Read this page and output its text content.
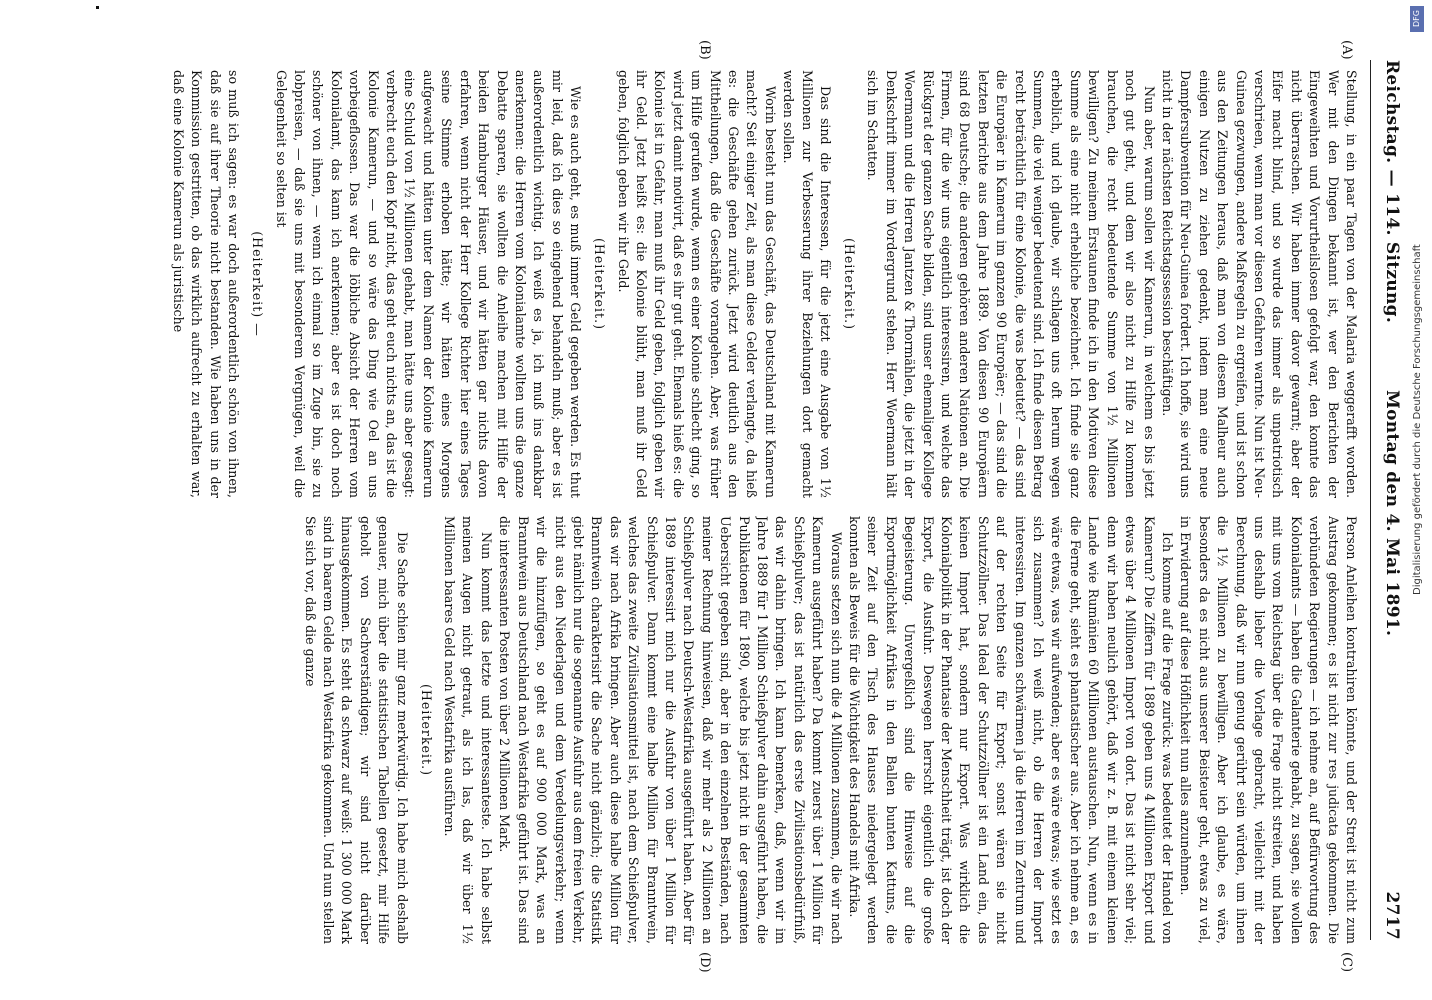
Reichstag. — 114. Sitzung.
Montag den 4. Mai 1891.
2717
(A)
(B)
(C)
(D)

Stellung, in ein paar Tagen von der Malaria weggerafft worden. Wer mit den Dingen bekannt ist, wer den Berichten der Eingeweihten und Vorurtheilslosen gefolgt war, den konnte das nicht überraschen. Wir haben immer davor gewarnt; aber der Eifer macht blind, und so wurde das immer als unpatriotisch verschrieen, wenn man vor diesen Gefahren warnte. Nun ist Neu-Guinea gezwungen, andere Maßregeln zu ergreifen, und ist schon aus den Zeitungen heraus, daß man von diesem Malheur auch einigen Nutzen zu ziehen gedenkt, indem man eine neue Dampfersubvention für Neu-Guinea fordert. Ich hoffe, sie wird uns nicht in der nächsten Reichstagssession beschäftigen.

Nun aber, warum sollen wir Kamerun, in welchem es bis jetzt noch gut geht, und dem wir also nicht zu Hilfe zu kommen brauchen, die recht bedeutende Summe von 1½ Millionen bewilligen? Zu meinem Erstaunen finde ich in den Motiven diese Summe als eine nicht erhebliche bezeichnet. Ich finde sie ganz erheblich, und ich glaube, wir schlagen uns oft herum wegen Summen, die viel weniger bedeutend sind. Ich finde diesen Betrag recht beträchtlich für eine Kolonie, die was bedeutet? — das sind die Europäer in Kamerun im ganzen 90 Europäer; — das sind die letzten Berichte aus dem Jahre 1889. Von diesen 90 Europäern sind 68 Deutsche; die anderen gehören anderen Nationen an. Die Firmen, für die wir uns eigentlich interessiren, und welche das Rückgrat der ganzen Sache bilden, sind unser ehemaliger Kollege Woermann und die Herren Jantzen & Thormählen, die jetzt in der Denkschrift immer im Vordergrund stehen. Herr Woermann hält sich im Schatten.

(Heiterkeit.)

Das sind die Interessen, für die jetzt eine Ausgabe von 1½ Millionen zur Verbesserung ihrer Beziehungen dort gemacht werden sollen.

Worin besteht nun das Geschäft, das Deutschland mit Kamerun macht? Seit einiger Zeit, als man diese Gelder verlangte, da hieß es: die Geschäfte gehen zurück. Jetzt wird deutlich aus den Mittheilungen, daß die Geschäfte vorangehen. Aber, was früher um Hilfe gerufen wurde, wenn es einer Kolonie schlecht ging, so wird jetzt damit motivirt, daß es ihr gut geht. Ehemals hieß es: die Kolonie ist in Gefahr, man muß ihr Geld geben, folglich geben wir ihr Geld. Jetzt heißt es: die Kolonie blüht, man muß ihr Geld geben, folglich geben wir ihr Geld.

(Heiterkeit.)

Wie es auch geht, es muß immer Geld gegeben werden. Es thut mir leid, daß ich dies so eingehend behandeln muß; aber es ist außerordentlich wichtig. Ich weiß es ja, ich muß ins dankbar anerkennen: die Herren vom Kolonialamte wollten uns die ganze Debatte sparen, sie wollten die Anleihe machen mit Hilfe der beiden Hamburger Häuser, und wir hätten gar nichts davon erfahren, wenn nicht der Herr Kollege Richter hier eines Tages seine Stimme erhoben hätte; wir hätten eines Morgens aufgewacht und hätten unter dem Namen der Kolonie Kamerun eine Schuld von 1½ Millionen gehabt, man hätte uns aber gesagt: verbrecht euch den Kopf nicht, das geht euch nichts an, das ist die Kolonie Kamerun, — und so wäre das Ding wie Oel an uns vorbeigeflossen. Das war die löbliche Absicht der Herren vom Kolonialamt, das kann ich anerkennen; aber es ist doch noch schöner von ihnen, — wenn ich einmal so im Zuge bin, sie zu lobpreisen, — daß sie uns mit besonderem Vergnügen, weil die Gelegenheit so selten ist

(Heiterkeit) —

so muß ich sagen: es war doch außerordentlich schön von ihnen, daß sie auf ihrer Theorie nicht bestanden. Wie haben uns in der Kommission gestritten, ob das wirklich aufrecht zu erhalten war, daß eine Kolonie Kamerun als juristische

Person Anleihen kontrahiren könnte, und der Streit ist nicht zum Austrag gekommen; es ist nicht zur res judicata gekommen. Die verbündeten Regierungen — ich nehme an, auf Befürwortung des Kolonialamts — haben die Galanterie gehabt, zu sagen, sie wollen mit uns vom Reichstag über die Frage nicht streiten, und haben uns deshalb lieber die Vorlage gebracht, vielleicht mit der Berechnung, daß wir nun genug gerührt sein würden, um ihnen die 1½ Millionen zu bewilligen. Aber ich glaube, es wäre, besonders da es nicht aus unserer Beisteuer geht, etwas zu viel, in Erwiderung auf diese Höflichkeit nun alles anzunehmen.

Ich komme auf die Frage zurück: was bedeutet der Handel von Kamerun? Die Ziffern für 1889 geben uns 4 Millionen Export und etwas über 4 Millionen Import von dort. Das ist nicht sehr viel; denn wir haben neulich gehört, daß wir z. B. mit einem kleinen Lande wie Rumänien 60 Millionen austauschen. Nun, wenn es in die Ferne geht, sieht es phantastischer aus. Aber ich nehme an, es wäre etwas, was wir aufwenden; aber es wäre etwas; wie setzt es sich zusammen? Ich weiß nicht, ob die Herren der Import interessiren. Im ganzen schwärmen ja die Herren im Zentrum und auf der rechten Seite für Export; sonst wären sie nicht Schutzzöllner. Das Ideal der Schutzzöllner ist ein Land ein, das keinen Import hat, sondern nur Export. Was wirklich die Kolonialpolitik in der Phantasie der Menschheit trägt, ist doch der Export, die Ausfuhr. Deswegen herrscht eigentlich die große Begeisterung. Unvergeßlich sind die Hinweise auf die Exportmöglichkeit Afrikas in den Ballen bunten Kattuns, die seiner Zeit auf den Tisch des Hauses niedergelegt werden konnten als Beweis für die Wichtigkeit des Handels mit Afrika.

Woraus setzen sich nun die 4 Millionen zusammen, die wir nach Kamerun ausgeführt haben? Da kommt zuerst über 1 Million für Schießpulver; das ist natürlich das erste Zivilisationsbedürfniß, das wir dahin bringen. Ich kann bemerken, daß, wenn wir im Jahre 1889 für 1 Million Schießpulver dahin ausgeführt haben, die Publikationen für 1890, welche bis jetzt nicht in der gesammten Uebersicht gegeben sind, aber in den einzelnen Beständen, nach meiner Rechnung hinweisen, daß wir mehr als 2 Millionen an Schießpulver nach Deutsch-Westafrika ausgeführt haben. Aber für 1889 interessirt mich nur die Ausfuhr von über 1 Million für Schießpulver. Dann kommt eine halbe Million für Branntwein, welches das zweite Zivilisationsmittel ist, nach dem Schießpulver, das wir nach Afrika bringen. Aber auch diese halbe Million für Branntwein charakterisirt die Sache nicht gänzlich; die Statistik giebt nämlich nur die sogenannte Ausfuhr aus dem freien Verkehr, nicht aus den Niederlagen und dem Veredelungsverkehr; wenn wir die hinzufügen, so geht es auf 900 000 Mark, was an Branntwein aus Deutschland nach Westafrika geführt ist. Das sind die interessanten Posten von über 2 Millionen Mark.

Nun kommt das letzte und interessanteste. Ich habe selbst meinen Augen nicht getraut, als ich las, daß wir über 1½ Millionen baares Geld nach Westafrika ausführen.

(Heiterkeit.)

Die Sache schien mir ganz merkwürdig. Ich habe mich deshalb genauer, mich über die statistischen Tabellen gesetzt, mir Hilfe geholt von Sachverständigen; wir sind nicht darüber hinausgekommen. Es steht da schwarz auf weiß: 1 300 000 Mark sind in baarem Gelde nach Westafrika gekommen. Und nun stellen Sie sich vor, daß die ganze

DFG
Digitalisierung gefördert durch die Deutsche Forschungsgemeinschaft
